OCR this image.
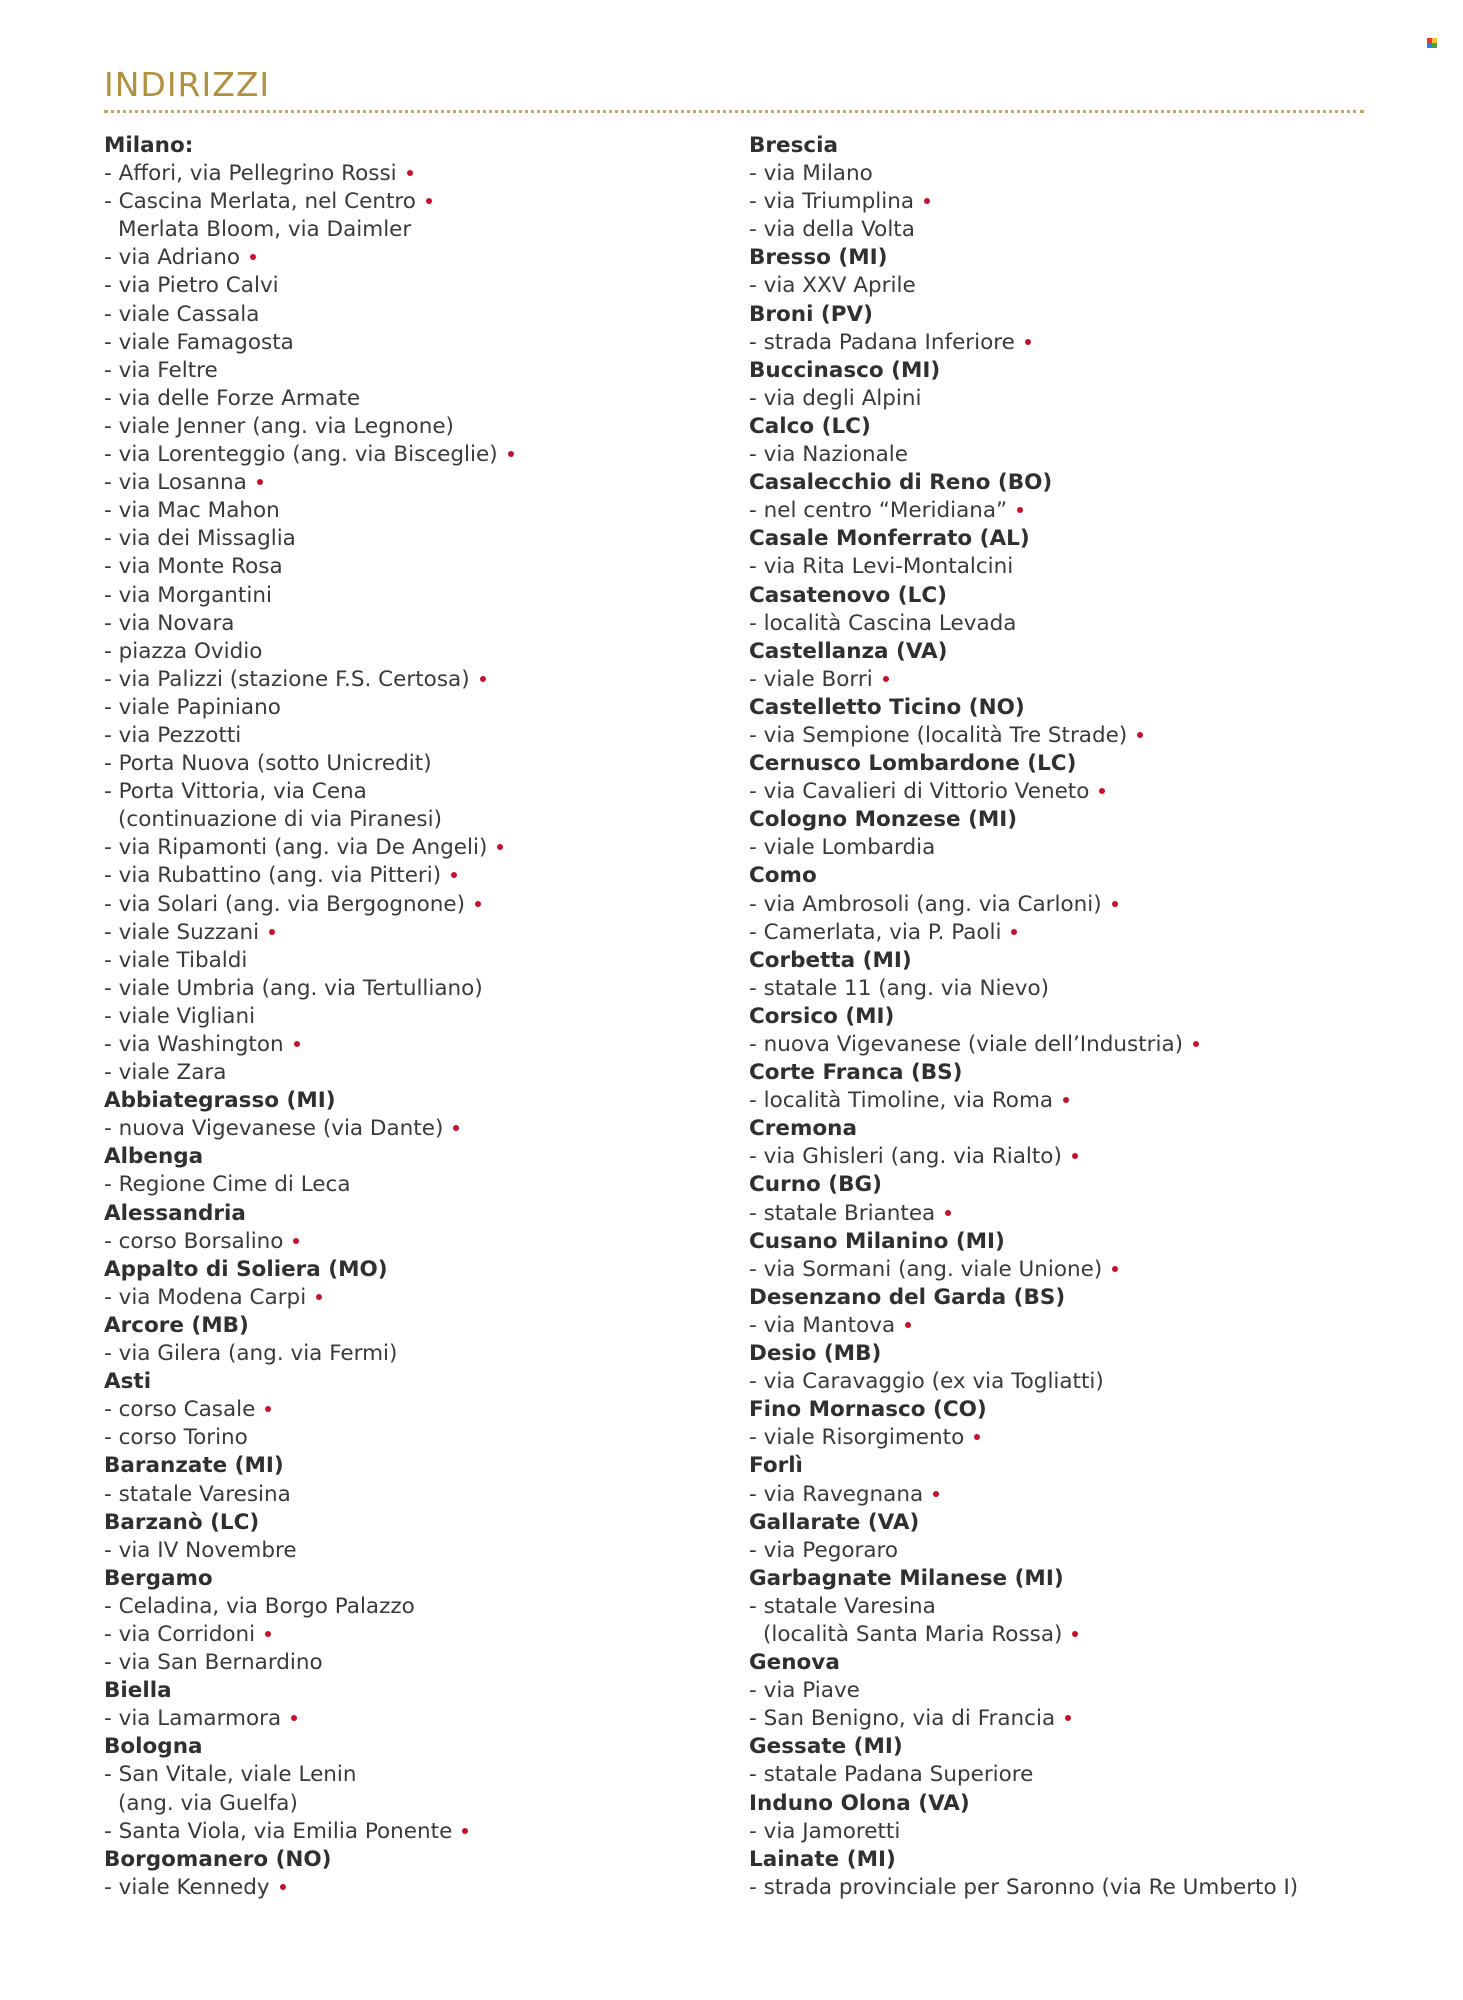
INDIRIZZI
Milano:
- Affori, via Pellegrino Rossi
- Cascina Merlata, nel Centro
Merlata Bloom, via Daimler
- via Adriano
- via Pietro Calvi
- viale Cassala
- viale Famagosta
- via Feltre
- via delle Forze Armate
- viale Jenner (ang. via Legnone)
- via Lorenteggio (ang. via Bisceglie)
- via Losanna
- via Mac Mahon
- via dei Missaglia
- via Monte Rosa
- via Morgantini
- via Novara
- piazza Ovidio
- via Palizzi (stazione F.S. Certosa)
- viale Papiniano
- via Pezzotti
- Porta Nuova (sotto Unicredit)
- Porta Vittoria, via Cena
(continuazione di via Piranesi)
- via Ripamonti (ang. via De Angeli)
- via Rubattino (ang. via Pitteri)
- via Solari (ang. via Bergognone)
- viale Suzzani
- viale Tibaldi
- viale Umbria (ang. via Tertulliano)
- viale Vigliani
- via Washington
- viale Zara
Abbiategrasso (MI)
- nuova Vigevanese (via Dante)
Albenga
- Regione Cime di Leca
Alessandria
- corso Borsalino
Appalto di Soliera (MO)
- via Modena Carpi
Arcore (MB)
- via Gilera (ang. via Fermi)
Asti
- corso Casale
- corso Torino
Baranzate (MI)
- statale Varesina
Barzanò (LC)
- via IV Novembre
Bergamo
- Celadina, via Borgo Palazzo
- via Corridoni
- via San Bernardino
Biella
- via Lamarmora
Bologna
- San Vitale, viale Lenin
(ang. via Guelfa)
- Santa Viola, via Emilia Ponente
Borgomanero (NO)
- viale Kennedy
Brescia
- via Milano
- via Triumplina
- via della Volta
Bresso (MI)
- via XXV Aprile
Broni (PV)
- strada Padana Inferiore
Buccinasco (MI)
- via degli Alpini
Calco (LC)
- via Nazionale
Casalecchio di Reno (BO)
- nel centro “Meridiana”
Casale Monferrato (AL)
- via Rita Levi-Montalcini
Casatenovo (LC)
- località Cascina Levada
Castellanza (VA)
- viale Borri
Castelletto Ticino (NO)
- via Sempione (località Tre Strade)
Cernusco Lombardone (LC)
- via Cavalieri di Vittorio Veneto
Cologno Monzese (MI)
- viale Lombardia
Como
- via Ambrosoli (ang. via Carloni)
- Camerlata, via P. Paoli
Corbetta (MI)
- statale 11 (ang. via Nievo)
Corsico (MI)
- nuova Vigevanese (viale dell’Industria)
Corte Franca (BS)
- località Timoline, via Roma
Cremona
- via Ghisleri (ang. via Rialto)
Curno (BG)
- statale Briantea
Cusano Milanino (MI)
- via Sormani (ang. viale Unione)
Desenzano del Garda (BS)
- via Mantova
Desio (MB)
- via Caravaggio (ex via Togliatti)
Fino Mornasco (CO)
- viale Risorgimento
Forlì
- via Ravegnana
Gallarate (VA)
- via Pegoraro
Garbagnate Milanese (MI)
- statale Varesina
(località Santa Maria Rossa)
Genova
- via Piave
- San Benigno, via di Francia
Gessate (MI)
- statale Padana Superiore
Induno Olona (VA)
- via Jamoretti
Lainate (MI)
- strada provinciale per Saronno (via Re Umberto I)
